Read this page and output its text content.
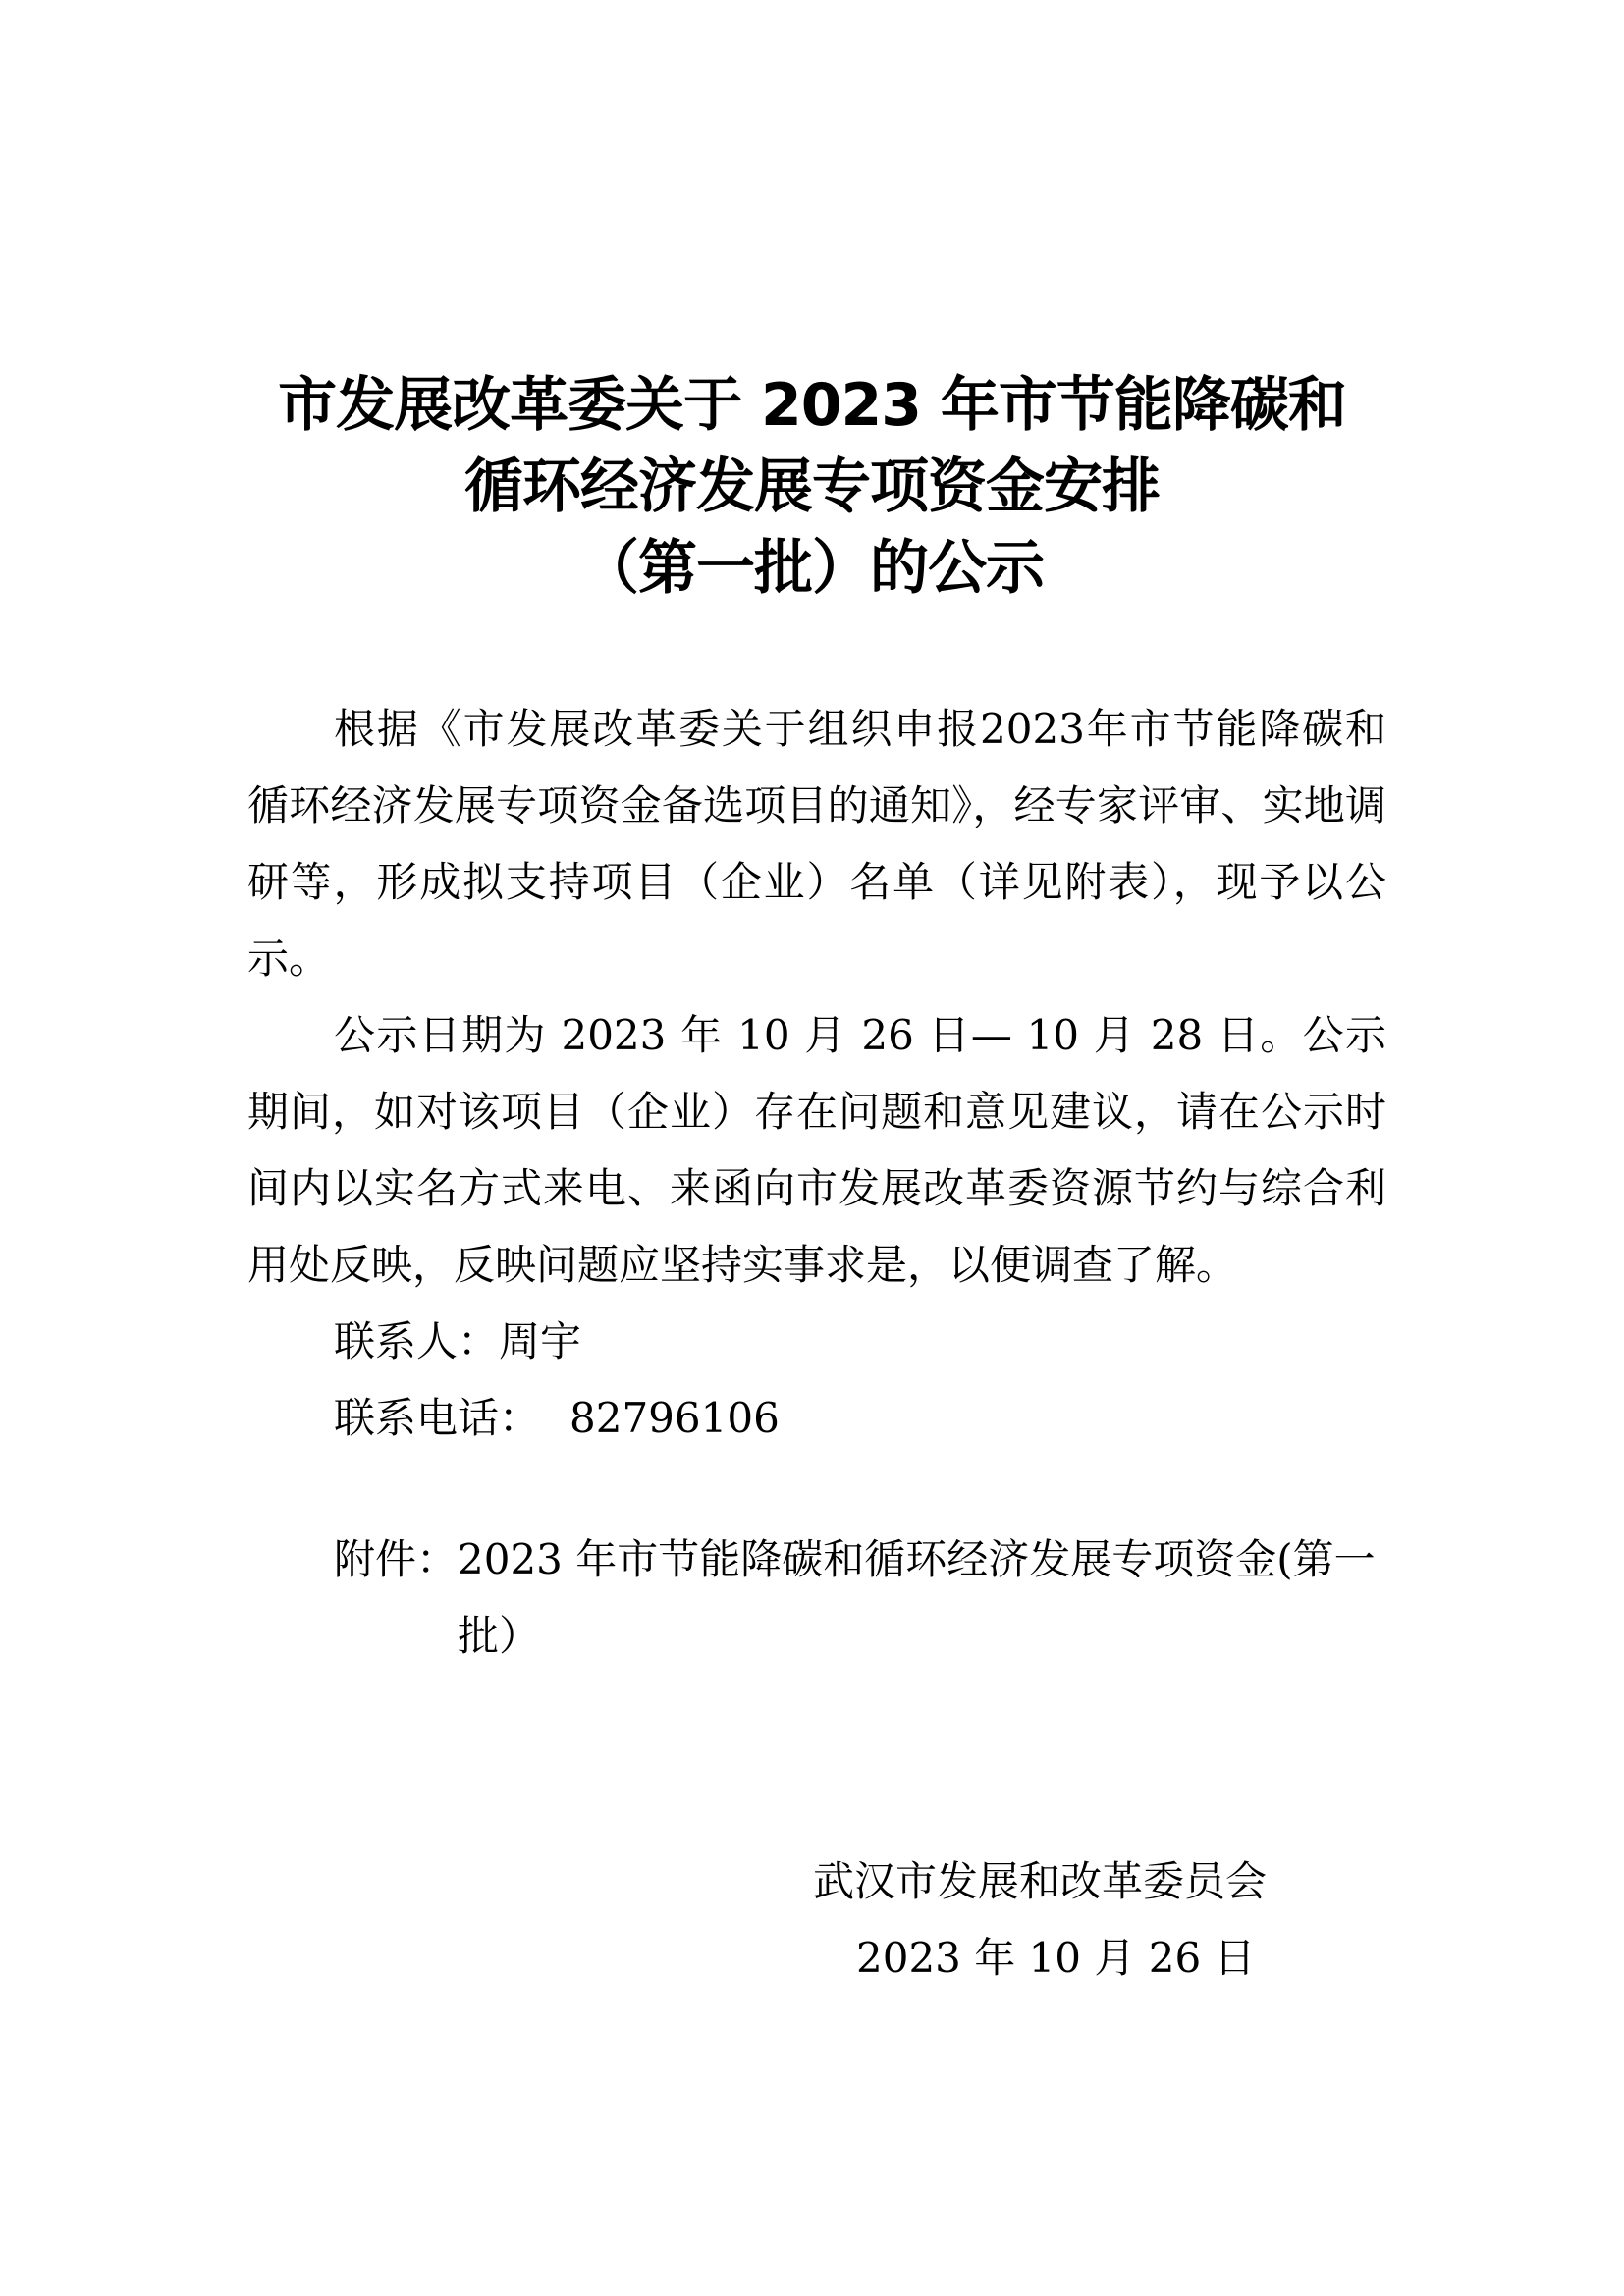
市发展改革委关于 2023 年市节能降碳和
循环经济发展专项资金安排
（第一批）的公示

根据《市发展改革委关于组织申报2023年市节能降碳和循环经济发展专项资金备选项目的通知》，经专家评审、实地调研等，形成拟支持项目（企业）名单（详见附表），现予以公示。

公示日期为 2023 年 10 月 26 日— 10 月 28 日。公示期间，如对该项目（企业）存在问题和意见建议，请在公示时间内以实名方式来电、来函向市发展改革委资源节约与综合利用处反映，反映问题应坚持实事求是，以便调查了解。

联系人：周宇

联系电话： 82796106

附件： 2023 年市节能降碳和循环经济发展专项资金(第一批）
武汉市发展和改革委员会
2023 年 10 月 26 日
